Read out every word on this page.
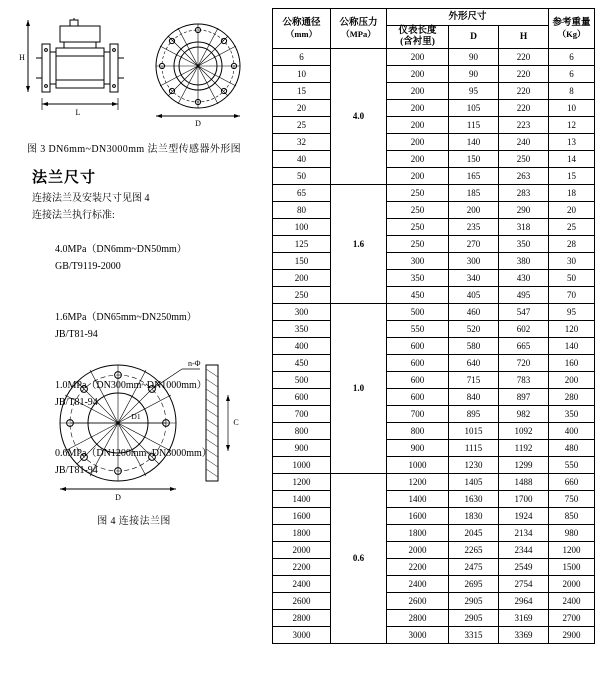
L
H
D
图 3 DN6mm~DN3000mm 法兰型传感器外形图
法兰尺寸
连接法兰及安装尺寸见图 4
连接法兰执行标准:

4.0MPa（DN6mm~DN50mm）
GB/T9119-2000

1.6MPa（DN65mm~DN250mm）
JB/T81-94

1.0MPa（DN300mm~DN1000mm）
JB/T81-94

0.6MPa（DN1200mm~DN3000mm）
JB/T81-94

n-Φ
D1
D
C
图 4 连接法兰图
公称通径
（mm）

公称压力
（MPa）
	外形尺寸	
参考重量
（Kg）

		仪表长度
(含衬里)	D	H	
6	4.0	200	90	220	6
10		200	90	220	6
15		200	95	220	8
20		200	105	220	10
25		200	115	223	12
32		200	140	240	13
40		200	150	250	14
50		200	165	263	15
65	1.6	250	185	283	18
80		250	200	290	20
100		250	235	318	25
125		250	270	350	28
150		300	300	380	30
200		350	340	430	50
250		450	405	495	70
300	1.0	500	460	547	95
350		550	520	602	120
400		600	580	665	140
450		600	640	720	160
500		600	715	783	200
600		600	840	897	280
700		700	895	982	350
800		800	1015	1092	400
900		900	1115	1192	480
1000		1000	1230	1299	550
1200	0.6	1200	1405	1488	660
1400		1400	1630	1700	750
1600		1600	1830	1924	850
1800		1800	2045	2134	980
2000		2000	2265	2344	1200
2200		2200	2475	2549	1500
2400		2400	2695	2754	2000
2600		2600	2905	2964	2400
2800		2800	2905	3169	2700
3000		3000	3315	3369	2900
